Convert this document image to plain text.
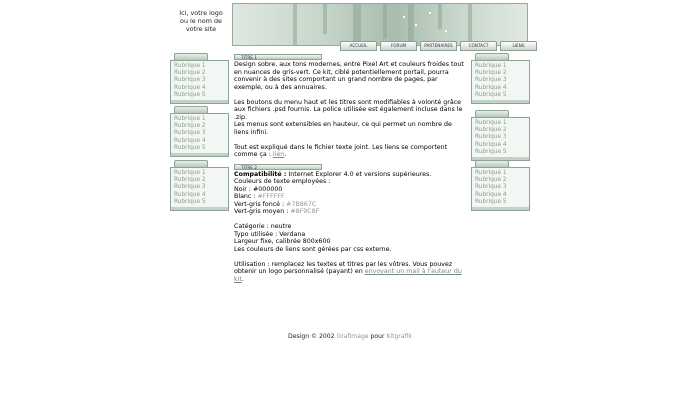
Ici, votre logo
ou le nom de
votre site
ACCUEIL	FORUM	PARTENAIRES	CONTACT	LIENS
Rubrique 1
Rubrique 2
Rubrique 3
Rubrique 4
Rubrique 5
Rubrique 1
Rubrique 2
Rubrique 3
Rubrique 4
Rubrique 5
Rubrique 1
Rubrique 2
Rubrique 3
Rubrique 4
Rubrique 5
Rubrique 1
Rubrique 2
Rubrique 3
Rubrique 4
Rubrique 5
Rubrique 1
Rubrique 2
Rubrique 3
Rubrique 4
Rubrique 5
Rubrique 1
Rubrique 2
Rubrique 3
Rubrique 4
Rubrique 5
TITRE 1

Design sobre, aux tons modernes, entre Pixel Art et couleurs froides tout en nuances de gris-vert. Ce kit, ciblé potentiellement portail, pourra convenir à des sites comportant un grand nombre de pages, par exemple, ou à des annuaires.

Les boutons du menu haut et les titres sont modifiables à volonté grâce aux fichiers .psd fournis. La police utilisée est également incluse dans le .zip.

Les menus sont extensibles en hauteur, ce qui permet un nombre de liens infini.

Tout est expliqué dans le fichier texte joint. Les liens se comportent comme ça : lien.

TITRE 2

Compatibilité : Internet Explorer 4.0 et versions supérieures.

Couleurs de texte employées :

Noir : #000000

Blanc : #FFFFFF

Vert-gris foncé : #7B867C

Vert-gris moyen : #8F9C8F

Catégorie : neutre

Typo utilisée : Verdana

Largeur fixe, calibrée 800x600

Les couleurs de liens sont gérées par css externe.

Utilisation : remplacez les textes et titres par les vôtres. Vous pouvez obtenir un logo personnalisé (payant) en envoyant un mail à l'auteur du kit.

Design © 2002 Grafimage pour Kitgrafik
